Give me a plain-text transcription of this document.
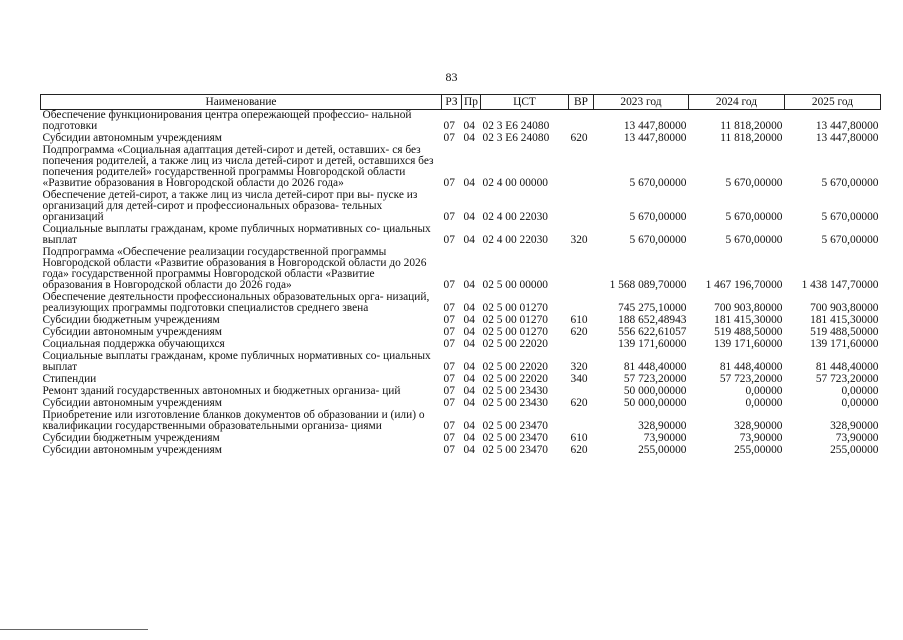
83
Наименование	РЗ	Пр	ЦСТ	ВР	2023 год	2024 год	2025 год
Обеспечение функционирования центра опережающей профессио- нальной подготовки	07	04	02 3 Е6 24080		13 447,80000	11 818,20000	13 447,80000
Субсидии автономным учреждениям	07	04	02 3 Е6 24080	620	13 447,80000	11 818,20000	13 447,80000
Подпрограмма «Социальная адаптация детей-сирот и детей, оставших- ся без попечения родителей, а также лиц из числа детей-сирот и детей, оставшихся без попечения родителей» государственной программы Новгородской области «Развитие образования в Новгородской области до 2026 года»	07	04	02 4 00 00000		5 670,00000	5 670,00000	5 670,00000
Обеспечение детей-сирот, а также лиц из числа детей-сирот при вы- пуске из организаций для детей-сирот и профессиональных образова- тельных организаций	07	04	02 4 00 22030		5 670,00000	5 670,00000	5 670,00000
Социальные выплаты гражданам, кроме публичных нормативных со- циальных выплат	07	04	02 4 00 22030	320	5 670,00000	5 670,00000	5 670,00000
Подпрограмма «Обеспечение реализации государственной программы Новгородской области «Развитие образования в Новгородской области до 2026 года» государственной программы Новгородской области «Развитие образования в Новгородской области до 2026 года»	07	04	02 5 00 00000		1 568 089,70000	1 467 196,70000	1 438 147,70000
Обеспечение деятельности профессиональных образовательных орга- низаций, реализующих программы подготовки специалистов среднего звена	07	04	02 5 00 01270		745 275,10000	700 903,80000	700 903,80000
Субсидии бюджетным учреждениям	07	04	02 5 00 01270	610	188 652,48943	181 415,30000	181 415,30000
Субсидии автономным учреждениям	07	04	02 5 00 01270	620	556 622,61057	519 488,50000	519 488,50000
Социальная поддержка обучающихся	07	04	02 5 00 22020		139 171,60000	139 171,60000	139 171,60000
Социальные выплаты гражданам, кроме публичных нормативных со- циальных выплат	07	04	02 5 00 22020	320	81 448,40000	81 448,40000	81 448,40000
Стипендии	07	04	02 5 00 22020	340	57 723,20000	57 723,20000	57 723,20000
Ремонт зданий государственных автономных и бюджетных организа- ций	07	04	02 5 00 23430		50 000,00000	0,00000	0,00000
Субсидии автономным учреждениям	07	04	02 5 00 23430	620	50 000,00000	0,00000	0,00000
Приобретение или изготовление бланков документов об образовании и (или) о квалификации государственными образовательными организа- циями	07	04	02 5 00 23470		328,90000	328,90000	328,90000
Субсидии бюджетным учреждениям	07	04	02 5 00 23470	610	73,90000	73,90000	73,90000
Субсидии автономным учреждениям	07	04	02 5 00 23470	620	255,00000	255,00000	255,00000
